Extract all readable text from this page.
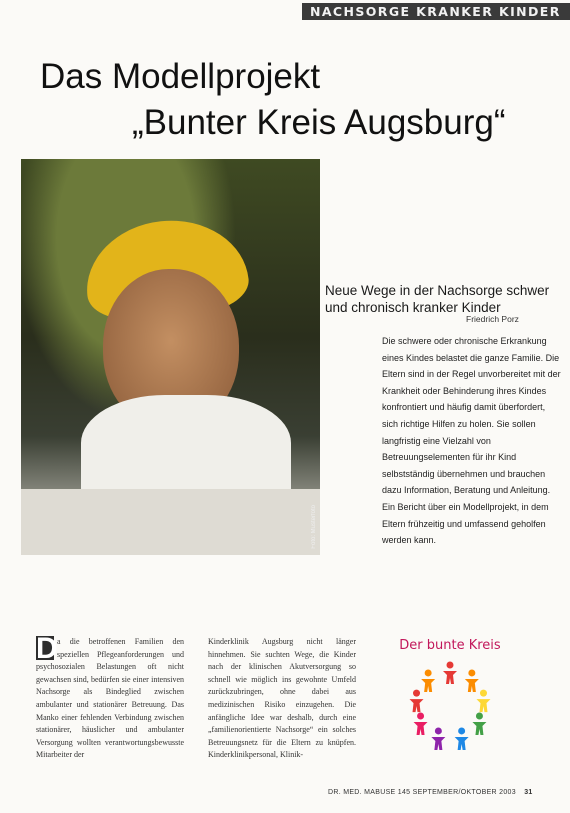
NACHSORGE KRANKER KINDER
Das Modellprojekt
„Bunter Kreis Augsburg“
Foto: Musterfoto
Neue Wege in der Nachsorge schwer und chronisch kranker Kinder
Friedrich Porz
Die schwere oder chronische Erkrankung eines Kindes belastet die ganze Familie. Die Eltern sind in der Regel unvorbereitet mit der Krankheit oder Behinderung ihres Kindes konfrontiert und häufig damit überfordert, sich richtige Hilfen zu holen. Sie sollen langfristig eine Vielzahl von Betreuungselementen für ihr Kind selbstständig übernehmen und brauchen dazu Information, Beratung und Anleitung. Ein Bericht über ein Modellprojekt, in dem Eltern frühzeitig und umfassend geholfen werden kann.
D a die betroffenen Familien den speziellen Pflegeanforderungen und psychosozialen Belastungen oft nicht gewachsen sind, bedürfen sie einer intensiven Nachsorge als Bindeglied zwischen ambulanter und stationärer Betreuung. Das Manko einer fehlenden Verbindung zwischen stationärer, häuslicher und ambulanter Versorgung wollten verantwortungsbewusste Mitarbeiter der
Kinderklinik Augsburg nicht länger hinnehmen. Sie suchten Wege, die Kinder nach der klinischen Akutversorgung so schnell wie möglich ins gewohnte Umfeld zurückzubringen, ohne dabei aus medizinischen Risiko einzugehen. Die anfängliche Idee war deshalb, durch eine „familienorientierte Nachsorge“ ein solches Betreuungsnetz für die Eltern zu knüpfen. Kinderklinikpersonal, Klinik-
Der bunte Kreis
DR. MED. MABUSE 145 SEPTEMBER/OKTOBER 2003 31
